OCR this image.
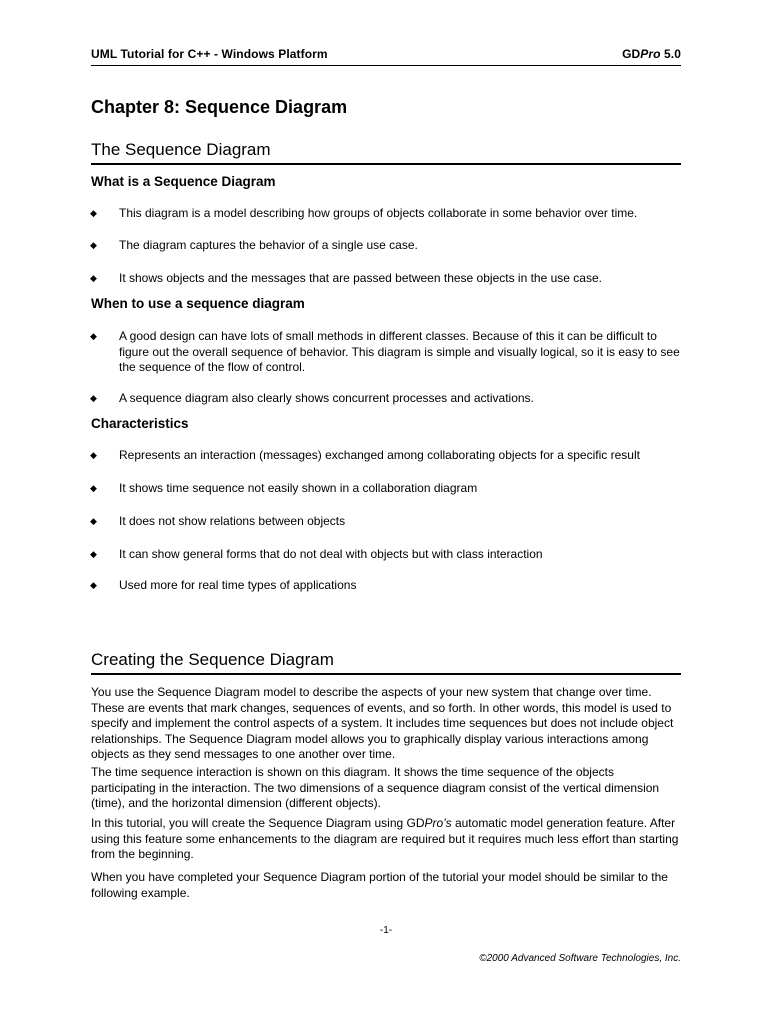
UML Tutorial for C++ - Windows Platform	GDPro 5.0
Chapter 8: Sequence Diagram
The Sequence Diagram
What is a Sequence Diagram
◆ This diagram is a model describing how groups of objects collaborate in some behavior over time.
◆ The diagram captures the behavior of a single use case.
◆ It shows objects and the messages that are passed between these objects in the use case.
When to use a sequence diagram
◆ A good design can have lots of small methods in different classes. Because of this it can be difficult to figure out the overall sequence of behavior. This diagram is simple and visually logical, so it is easy to see the sequence of the flow of control.
◆ A sequence diagram also clearly shows concurrent processes and activations.
Characteristics
◆ Represents an interaction (messages) exchanged among collaborating objects for a specific result
◆ It shows time sequence not easily shown in a collaboration diagram
◆ It does not show relations between objects
◆ It can show general forms that do not deal with objects but with class interaction
◆ Used more for real time types of applications
Creating the Sequence Diagram

You use the Sequence Diagram model to describe the aspects of your new system that change over time. These are events that mark changes, sequences of events, and so forth. In other words, this model is used to specify and implement the control aspects of a system. It includes time sequences but does not include object relationships. The Sequence Diagram model allows you to graphically display various interactions among objects as they send messages to one another over time.

The time sequence interaction is shown on this diagram. It shows the time sequence of the objects participating in the interaction. The two dimensions of a sequence diagram consist of the vertical dimension (time), and the horizontal dimension (different objects).

In this tutorial, you will create the Sequence Diagram using GDPro’s automatic model generation feature. After using this feature some enhancements to the diagram are required but it requires much less effort than starting from the beginning.

When you have completed your Sequence Diagram portion of the tutorial your model should be similar to the following example.

-1-
©2000 Advanced Software Technologies, Inc.
